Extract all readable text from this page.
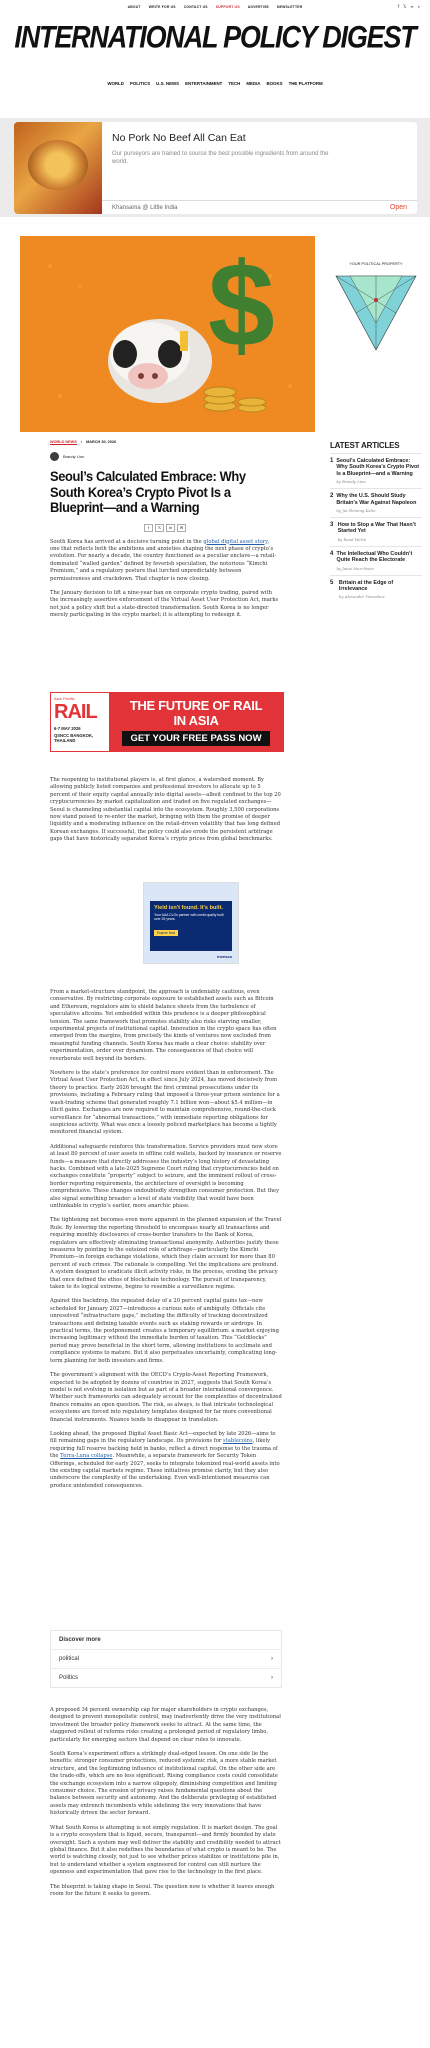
ABOUT WRITE FOR US CONTACT US SUPPORT US ADVERTISE NEWSLETTER	f 𝕏 ≡ ⌕
INTERNATIONAL POLICY DIGEST
WORLD POLITICS U.S. NEWS ENTERTAINMENT TECH MEDIA BOOKS THE PLATFORM
No Pork No Beef All Can Eat
Our purveyors are trained to source the best possible ingredients from around the world.
Khansama @ Little India	Open
$	YOUR POLITICAL PROPERTY
LATEST ARTICLES
1 Seoul’s Calculated Embrace: Why South Korea’s Crypto Pivot Is a Blueprint—and a Warning
by Brandy Lion
2 Why the U.S. Should Study Britain’s War Against Napoleon
by Jia Shiming Kahn
3 How to Stop a War That Hasn’t Started Yet
by Rand Welch
4 The Intellectual Who Couldn’t Quite Reach the Electorate
by Jaine Murchison
5	Britain at the Edge of Irrelevance
by Alexander Tomoshov
WORLD NEWS • MARCH 30, 2026
Brandy Lion
Seoul’s Calculated Embrace: Why South Korea’s Crypto Pivot Is a Blueprint—and a Warning
f	𝕏	in	✉

South Korea has arrived at a decisive turning point in the global digital asset story, one that reflects both the ambitions and anxieties shaping the next phase of crypto’s evolution. For nearly a decade, the country functioned as a peculiar enclave—a retail-dominated “walled garden” defined by feverish speculation, the notorious “Kimchi Premium,” and a regulatory posture that lurched unpredictably between permissiveness and crackdown. That chapter is now closing.

The January decision to lift a nine-year ban on corporate crypto trading, paired with the increasingly assertive enforcement of the Virtual Asset User Protection Act, marks not just a policy shift but a state-directed transformation. South Korea is no longer merely participating in the crypto market; it is attempting to redesign it.

Asia Pacific
RAIL
6-7 MAY 2026
QSNCC BANGKOK, THAILAND
THE FUTURE OF RAIL
IN ASIA
GET YOUR FREE PASS NOW

The reopening to institutional players is, at first glance, a watershed moment. By allowing publicly listed companies and professional investors to allocate up to 5 percent of their equity capital annually into digital assets—albeit confined to the top 20 cryptocurrencies by market capitalization and traded on five regulated exchanges—Seoul is channeling substantial capital into the ecosystem. Roughly 3,500 corporations now stand poised to re-enter the market, bringing with them the promise of deeper liquidity and a moderating influence on the retail-driven volatility that has long defined Korean exchanges. If successful, the policy could also erode the persistent arbitrage gaps that have historically separated Korea’s crypto prices from global benchmarks.

Yield isn't found. It's built.
Your AAA CLOs partner with credit quality built over 25 years.
Explore Now
invesco

From a market-structure standpoint, the approach is undeniably cautious, even conservative. By restricting corporate exposure to established assets such as Bitcoin and Ethereum, regulators aim to shield balance sheets from the turbulence of speculative altcoins. Yet embedded within this prudence is a deeper philosophical tension. The same framework that promotes stability also risks starving smaller, experimental projects of institutional capital. Innovation in the crypto space has often emerged from the margins, from precisely the kinds of ventures now excluded from meaningful funding channels. South Korea has made a clear choice: stability over experimentation, order over dynamism. The consequences of that choice will reverberate well beyond its borders.

Nowhere is the state’s preference for control more evident than in enforcement. The Virtual Asset User Protection Act, in effect since July 2024, has moved decisively from theory to practice. Early 2026 brought the first criminal prosecutions under its provisions, including a February ruling that imposed a three-year prison sentence for a wash-trading scheme that generated roughly 7.1 billion won—about $5.4 million—in illicit gains. Exchanges are now required to maintain comprehensive, round-the-clock surveillance for “abnormal transactions,” with immediate reporting obligations for suspicious activity. What was once a loosely policed marketplace has become a tightly monitored financial system.

Additional safeguards reinforce this transformation. Service providers must now store at least 80 percent of user assets in offline cold wallets, backed by insurance or reserve funds—a measure that directly addresses the industry’s long history of devastating hacks. Combined with a late-2025 Supreme Court ruling that cryptocurrencies held on exchanges constitute “property” subject to seizure, and the imminent rollout of cross-border reporting requirements, the architecture of oversight is becoming comprehensive. These changes undoubtedly strengthen consumer protection. But they also signal something broader: a level of state visibility that would have been unthinkable in crypto’s earlier, more anarchic phase.

The tightening net becomes even more apparent in the planned expansion of the Travel Rule. By lowering the reporting threshold to encompass nearly all transactions and requiring monthly disclosures of cross-border transfers to the Bank of Korea, regulators are effectively eliminating transactional anonymity. Authorities justify these measures by pointing to the outsized role of arbitrage—particularly the Kimchi Premium—in foreign exchange violations, which they claim account for more than 80 percent of such crimes. The rationale is compelling. Yet the implications are profound. A system designed to eradicate illicit activity risks, in the process, eroding the privacy that once defined the ethos of blockchain technology. The pursuit of transparency, taken to its logical extreme, begins to resemble a surveillance regime.

Against this backdrop, the repeated delay of a 20 percent capital gains tax—now scheduled for January 2027—introduces a curious note of ambiguity. Officials cite unresolved “infrastructure gaps,” including the difficulty of tracking decentralized transactions and defining taxable events such as staking rewards or airdrops. In practical terms, the postponement creates a temporary equilibrium: a market enjoying increasing legitimacy without the immediate burden of taxation. This “Goldilocks” period may prove beneficial in the short term, allowing institutions to acclimate and compliance systems to mature. But it also perpetuates uncertainty, complicating long-term planning for both investors and firms.

The government’s alignment with the OECD’s Crypto-Asset Reporting Framework, expected to be adopted by dozens of countries in 2027, suggests that South Korea’s model is not evolving in isolation but as part of a broader international convergence. Whether such frameworks can adequately account for the complexities of decentralized finance remains an open question. The risk, as always, is that intricate technological ecosystems are forced into regulatory templates designed for far more conventional financial instruments. Nuance tends to disappear in translation.

Looking ahead, the proposed Digital Asset Basic Act—expected by late 2026—aims to fill remaining gaps in the regulatory landscape. Its provisions for stablecoins, likely requiring full reserve backing held in banks, reflect a direct response to the trauma of the Terra-Luna collapse. Meanwhile, a separate framework for Security Token Offerings, scheduled for early 2027, seeks to integrate tokenized real-world assets into the existing capital markets regime. These initiatives promise clarity, but they also underscore the complexity of the undertaking. Even well-intentioned measures can produce unintended consequences.

Discover more
political	›
Politics	›

A proposed 34 percent ownership cap for major shareholders in crypto exchanges, designed to prevent monopolistic control, may inadvertently drive the very institutional investment the broader policy framework seeks to attract. At the same time, the staggered rollout of reforms risks creating a prolonged period of regulatory limbo, particularly for emerging sectors that depend on clear rules to innovate.

South Korea’s experiment offers a strikingly dual-edged lesson. On one side lie the benefits: stronger consumer protections, reduced systemic risk, a more stable market structure, and the legitimizing influence of institutional capital. On the other side are the trade-offs, which are no less significant. Rising compliance costs could consolidate the exchange ecosystem into a narrow oligopoly, diminishing competition and limiting consumer choice. The erosion of privacy raises fundamental questions about the balance between security and autonomy. And the deliberate privileging of established assets may entrench incumbents while sidelining the very innovations that have historically driven the sector forward.

What South Korea is attempting is not simply regulation. It is market design. The goal is a crypto ecosystem that is liquid, secure, transparent—and firmly bounded by state oversight. Such a system may well deliver the stability and credibility needed to attract global finance. But it also redefines the boundaries of what crypto is meant to be. The world is watching closely, not just to see whether prices stabilize or institutions pile in, but to understand whether a system engineered for control can still nurture the openness and experimentation that gave rise to the technology in the first place.

The blueprint is taking shape in Seoul. The question now is whether it leaves enough room for the future it seeks to govern.
